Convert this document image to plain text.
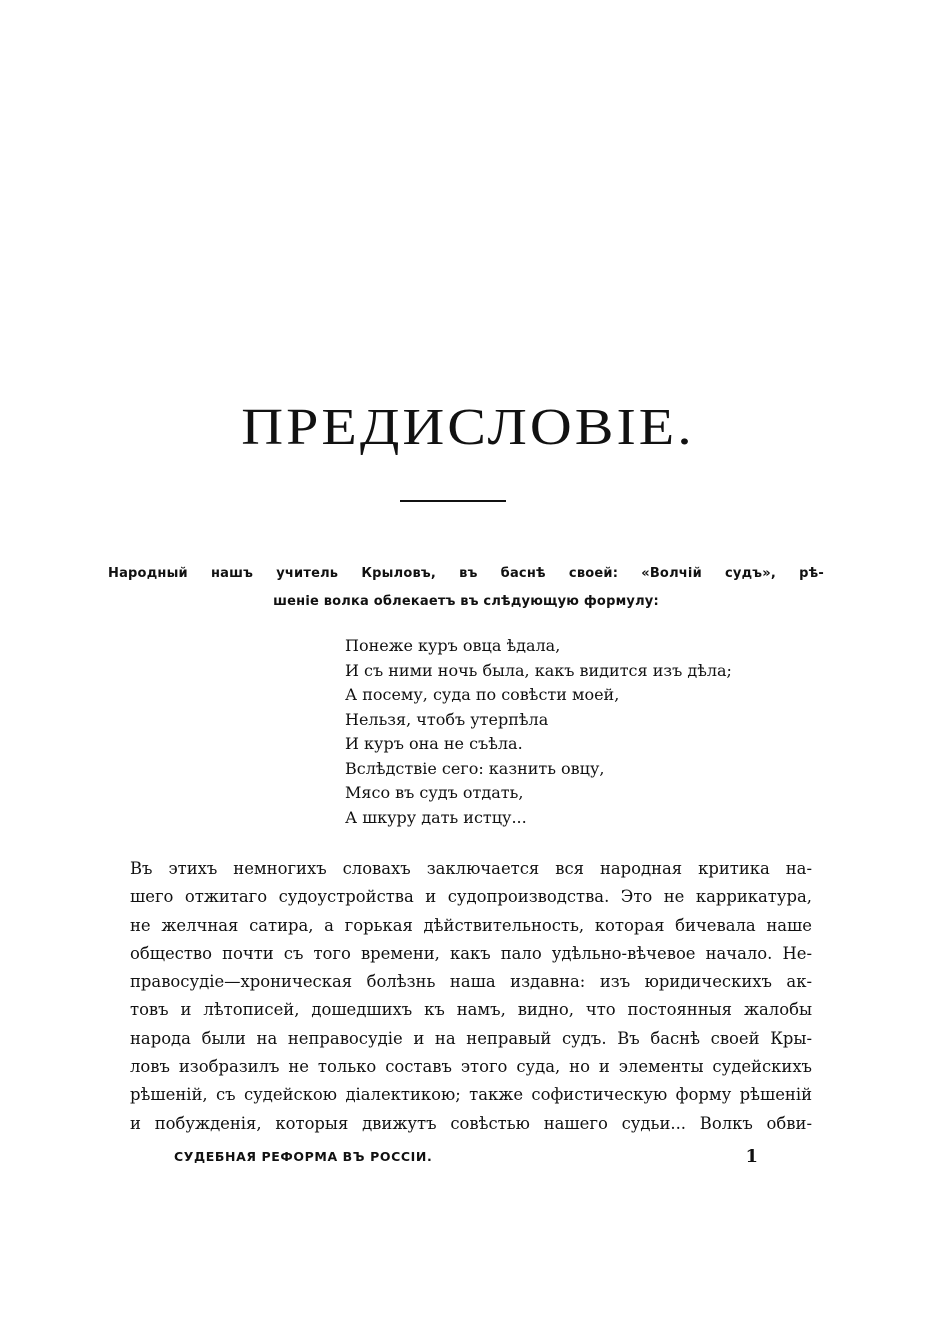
ПРЕДИСЛОВІЕ.
Народный нашъ учитель Крыловъ, въ баснѣ своей: «Волчій судъ», рѣ-
шеніе волка облекаетъ въ слѣдующую формулу:
Понеже куръ овца ѣдала,
И съ ними ночь была, какъ видится изъ дѣла;
А посему, суда по совѣсти моей,
Нельзя, чтобъ утерпѣла
И куръ она не съѣла.
Вслѣдствіе сего: казнить овцу,
Мясо въ судъ отдать,
А шкуру дать истцу...
Въ этихъ немногихъ словахъ заключается вся народная критика на-
шего отжитаго судоустройства и судопроизводства. Это не каррикатура,
не желчная сатира, а горькая дѣйствительность, которая бичевала наше
общество почти съ того времени, какъ пало удѣльно-вѣчевое начало. Не-
правосудіе—хроническая болѣзнь наша издавна: изъ юридическихъ ак-
товъ и лѣтописей, дошедшихъ къ намъ, видно, что постоянныя жалобы
народа были на неправосудіе и на неправый судъ. Въ баснѣ своей Кры-
ловъ изобразилъ не только составъ этого суда, но и элементы судейскихъ
рѣшеній, съ судейскою діалектикою; также софистическую форму рѣшеній
и побужденія, которыя движутъ совѣстью нашего судьи... Волкъ обви-
СУДЕБНАЯ РЕФОРМА ВЪ РОССІИ.	1
